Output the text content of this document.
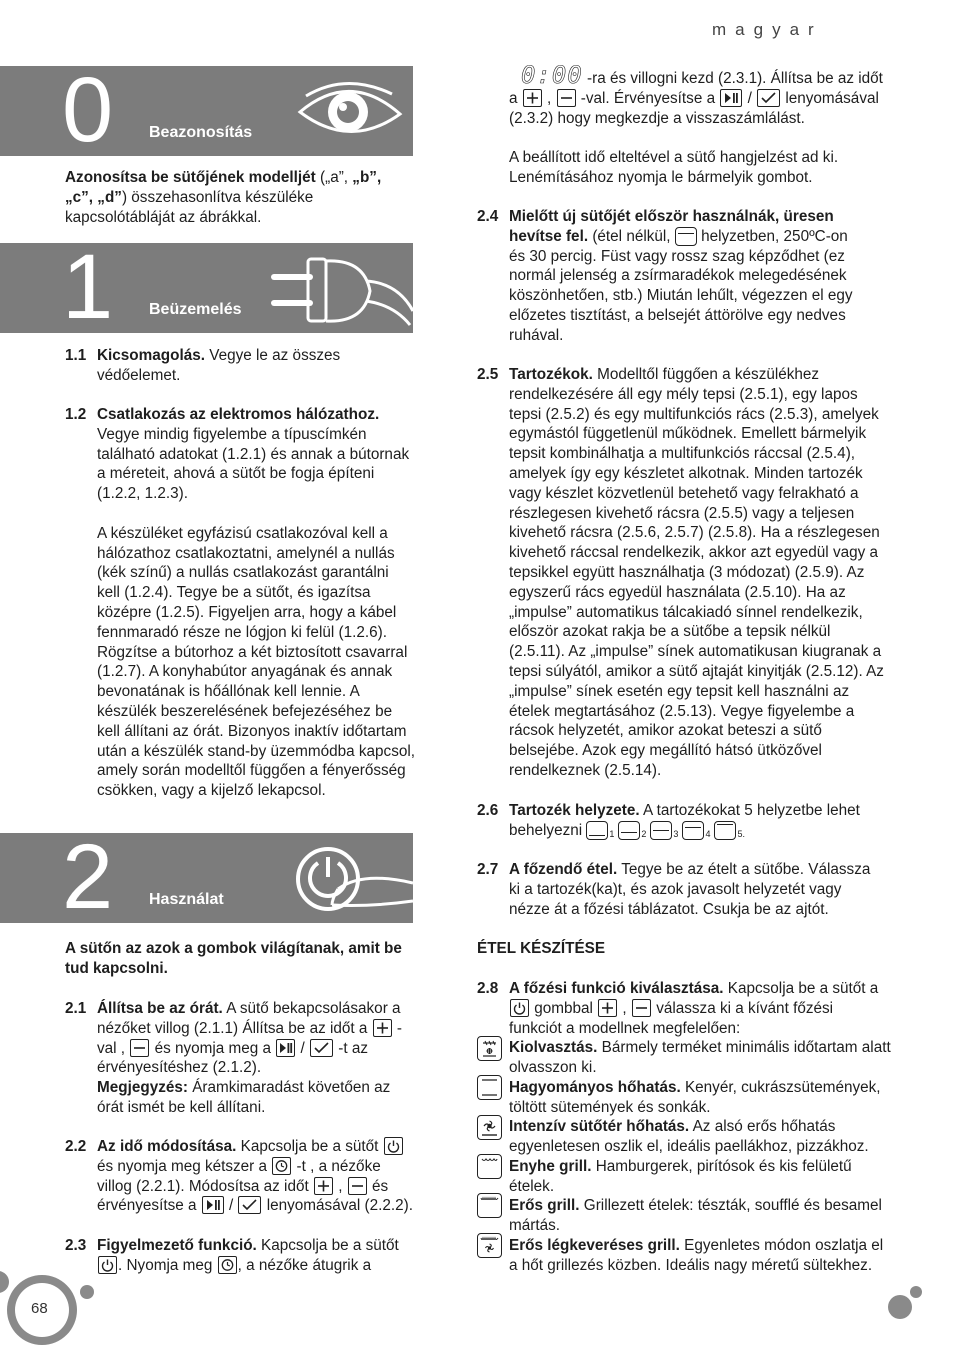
magyar
0 Beazonosítás
Azonosítsa be sütőjének modelljét („a”, „b”, „c”, „d”) összehasonlítva készüléke kapcsolótábláját az ábrákkal.
1 Beüzemelés
1.1 Kicsomagolás. Vegye le az összes védőelemet.
1.2 Csatlakozás az elektromos hálózathoz.
Vegye mindig figyelembe a típuscímkén található adatokat (1.2.1) és annak a bútornak a méreteit, ahová a sütőt be fogja építeni (1.2.2, 1.2.3).
A készüléket egyfázisú csatlakozóval kell a hálózathoz csatlakoztatni, amelynél a nullás (kék színű) a nullás csatlakozást garantálni kell (1.2.4). Tegye be a sütőt, és igazítsa középre (1.2.5). Figyeljen arra, hogy a kábel fennmaradó része ne lógjon ki felül (1.2.6). Rögzítse a bútorhoz a két biztosított csavarral (1.2.7). A konyhabútor anyagának és annak bevonatának is hőállónak kell lennie. A készülék beszerelésének befejezéséhez be kell állítani az órát. Bizonyos inaktív időtartam után a készülék stand-by üzemmódba kapcsol, amely során modelltől függően a fényerősség csökken, vagy a kijelző lekapcsol.
2 Használat
A sütőn az azok a gombok világítanak, amit be tud kapcsolni.
2.1 Állítsa be az órát. A sütő bekapcsolásakor a nézőket villog (2.1.1) Állítsa be az időt a -val , és nyomja meg a
/
-t az érvényesítéshez (2.1.2).
Megjegyzés: Áramkimaradást követően az órát ismét be kell állítani.
2.2 Az idő módosítása. Kapcsolja be a sütőt

és nyomja meg kétszer a -t , a nézőke villog (2.2.1). Módosítsa az időt
,
és érvényesítse a
/
lenyomásával (2.2.2).
2.3 Figyelmezető funkció. Kapcsolja be a sütőt

. Nyomja meg , a nézőke átugrik a
0:00 -ra és villogni kezd (2.3.1). Állítsa be az időt a
,
-val. Érvényesítse a
/
lenyomásával (2.3.2) hogy megkezdje a visszaszámlálást.
A beállított idő elteltével a sütő hangjelzést ad ki. Lenémításához nyomja le bármelyik gombot.
2.4 Mielőtt új sütőjét először használnák, üresen hevítse fel. (étel nélkül, helyzetben, 250ºC-on és 30 percig. Füst vagy rossz szag képződhet (ez normál jelenség a zsírmaradékok melegedésének köszönhetően, stb.) Miután lehűlt, végezzen el egy előzetes tisztítást, a belsejét áttörölve egy nedves ruhával.
2.5 Tartozékok. Modelltől függően a készülékhez rendelkezésére áll egy mély tepsi (2.5.1), egy lapos tepsi (2.5.2) és egy multifunkciós rács (2.5.3), amelyek egymástól függetlenül működnek. Emellett bármelyik tepsit kombinálhatja a multifunkciós ráccsal (2.5.4), amelyek így egy készletet alkotnak. Minden tartozék vagy készlet közvetlenül betehető vagy felrakható a részlegesen kivehető rácsra (2.5.5) vagy a teljesen kivehető rácsra (2.5.6, 2.5.7) (2.5.8). Ha a részlegesen kivehető ráccsal rendelkezik, akkor azt egyedül vagy a tepsikkel együtt használhatja (3 módozat) (2.5.9). Az egyszerű rács egyedül használata (2.5.10). Ha az „impulse” automatikus tálcakiadó sínnel rendelkezik, először azokat rakja be a sütőbe a tepsik nélkül (2.5.11). Az „impulse” sínek automatikusan kiugranak a tepsi súlyától, amikor a sütő ajtaját kinyitják (2.5.12). Az „impulse” sínek esetén egy tepsit kell használni az ételek megtartásához (2.5.13). Vegye figyelembe a rácsok helyzetét, amikor azokat beteszi a sütő belsejébe. Azok egy megállító hátsó ütközővel rendelkeznek (2.5.14).
2.6 Tartozék helyzete. A tartozékokat 5 helyzetbe lehet behelyezni	$_1$	$_2$	$_3$	$_4$	$_{5.}$
2.7 A főzendő étel. Tegye be az ételt a sütőbe. Válassza ki a tartozék(ka)t, és azok javasolt helyzetét vagy nézze át a főzési táblázatot. Csukja be az ajtót.
ÉTEL KÉSZÍTÉSE
2.8 A főzési funkció kiválasztása. Kapcsolja be a sütőt a
gombbal
,
válassza ki a kívánt főzési funkciót a modellnek megfelelően:
Kiolvasztás. Bármely terméket minimális időtartam alatt olvasszon ki.
Hagyományos hőhatás. Kenyér, cukrászsütemények, töltött sütemények és sonkák.
Intenzív sütőtér hőhatás. Az alsó erős hőhatás egyenletesen oszlik el, ideális paellákhoz, pizzákhoz.
Enyhe grill. Hamburgerek, pirítósok és kis felületű ételek.
Erős grill. Grillezett ételek: tészták, soufflé és besamel mártás.
Erős légkeveréses grill. Egyenletes módon oszlatja el a hőt grillezés közben. Ideális nagy méretű sültekhez.
68
